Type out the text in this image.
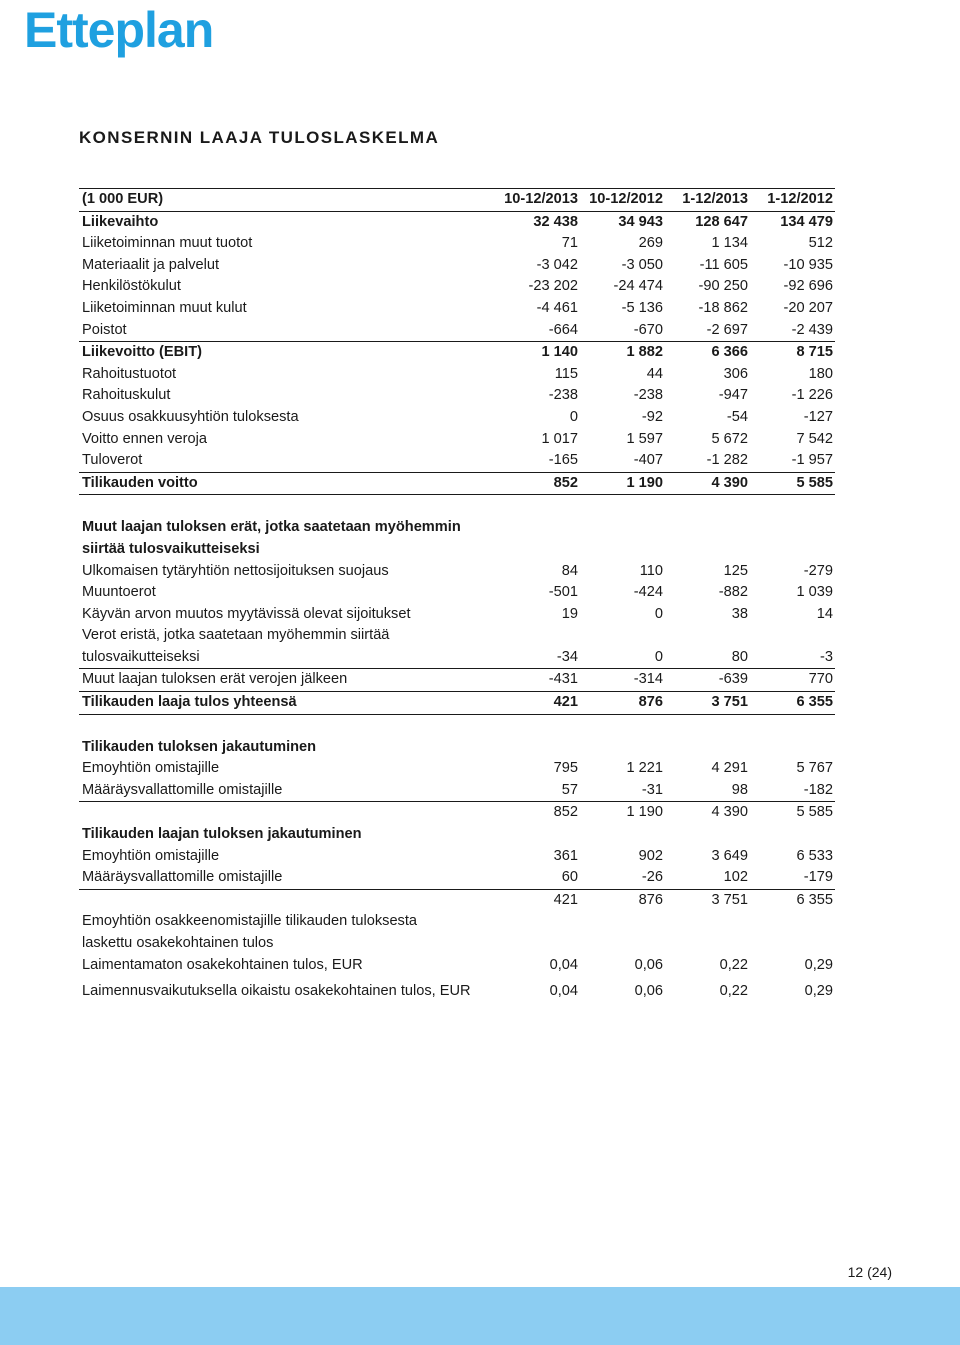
Etteplan
KONSERNIN LAAJA TULOSLASKELMA
(1 000 EUR)	10-12/2013	10-12/2012	1-12/2013	1-12/2012
Liikevaihto	32 438	34 943	128 647	134 479
Liiketoiminnan muut tuotot	71	269	1 134	512
Materiaalit ja palvelut	-3 042	-3 050	-11 605	-10 935
Henkilöstökulut	-23 202	-24 474	-90 250	-92 696
Liiketoiminnan muut kulut	-4 461	-5 136	-18 862	-20 207
Poistot	-664	-670	-2 697	-2 439
Liikevoitto (EBIT)	1 140	1 882	6 366	8 715
Rahoitustuotot	115	44	306	180
Rahoituskulut	-238	-238	-947	-1 226
Osuus osakkuusyhtiön tuloksesta	0	-92	-54	-127
Voitto ennen veroja	1 017	1 597	5 672	7 542
Tuloverot	-165	-407	-1 282	-1 957
Tilikauden voitto	852	1 190	4 390	5 585

Muut laajan tuloksen erät, jotka saatetaan myöhemmin				
siirtää tulosvaikutteiseksi				
Ulkomaisen tytäryhtiön nettosijoituksen suojaus	84	110	125	-279
Muuntoerot	-501	-424	-882	1 039
Käyvän arvon muutos myytävissä olevat sijoitukset	19	0	38	14
Verot eristä, jotka saatetaan myöhemmin siirtää				
tulosvaikutteiseksi	-34	0	80	-3
Muut laajan tuloksen erät verojen jälkeen	-431	-314	-639	770
Tilikauden laaja tulos yhteensä	421	876	3 751	6 355

Tilikauden tuloksen jakautuminen				
Emoyhtiön omistajille	795	1 221	4 291	5 767
Määräysvallattomille omistajille	57	-31	98	-182
	852	1 190	4 390	5 585
Tilikauden laajan tuloksen jakautuminen				
Emoyhtiön omistajille	361	902	3 649	6 533
Määräysvallattomille omistajille	60	-26	102	-179
	421	876	3 751	6 355
Emoyhtiön osakkeenomistajille tilikauden tuloksesta				
laskettu osakekohtainen tulos				
Laimentamaton osakekohtainen tulos, EUR	0,04	0,06	0,22	0,29
Laimennusvaikutuksella oikaistu osakekohtainen tulos, EUR	0,04	0,06	0,22	0,29
12 (24)
